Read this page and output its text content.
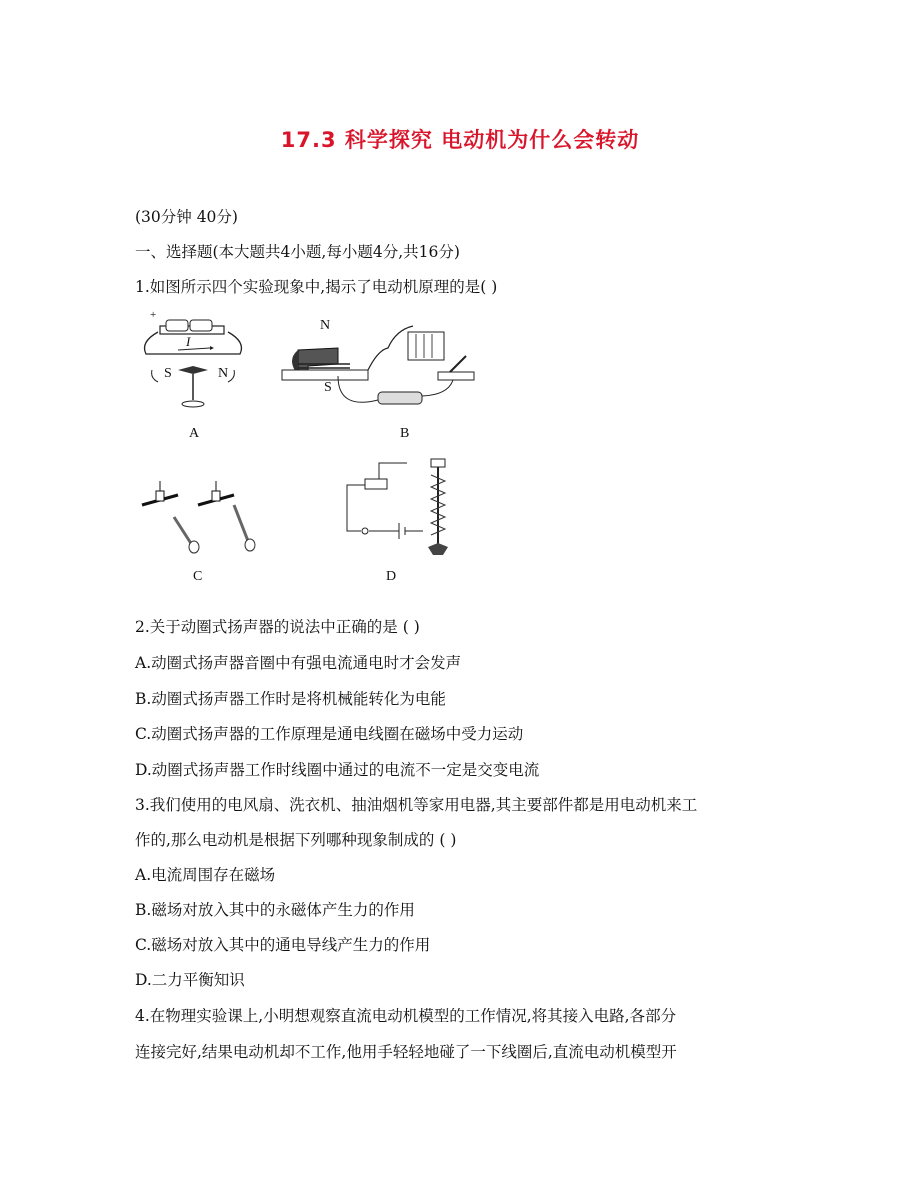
17.3 科学探究 电动机为什么会转动
(30分钟 40分)
一、选择题(本大题共4小题,每小题4分,共16分)
1.如图所示四个实验现象中,揭示了电动机原理的是( )
+
I
S	N
A
N
S
B
C	D
2.关于动圈式扬声器的说法中正确的是 ( )
A.动圈式扬声器音圈中有强电流通电时才会发声
B.动圈式扬声器工作时是将机械能转化为电能
C.动圈式扬声器的工作原理是通电线圈在磁场中受力运动
D.动圈式扬声器工作时线圈中通过的电流不一定是交变电流
3.我们使用的电风扇、洗衣机、抽油烟机等家用电器,其主要部件都是用电动机来工
作的,那么电动机是根据下列哪种现象制成的 ( )
A.电流周围存在磁场
B.磁场对放入其中的永磁体产生力的作用
C.磁场对放入其中的通电导线产生力的作用
D.二力平衡知识
4.在物理实验课上,小明想观察直流电动机模型的工作情况,将其接入电路,各部分
连接完好,结果电动机却不工作,他用手轻轻地碰了一下线圈后,直流电动机模型开
